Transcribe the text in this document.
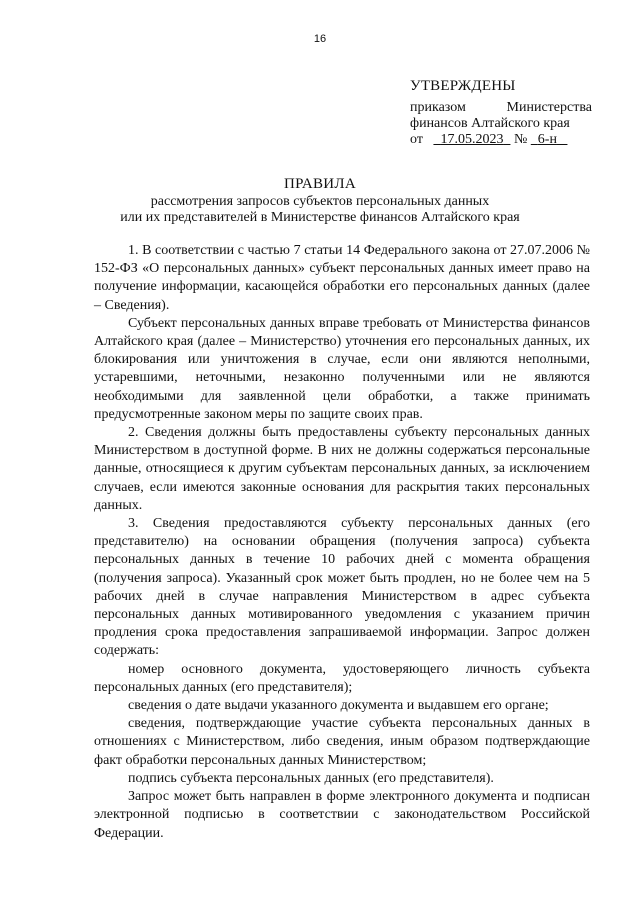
16
УТВЕРЖДЕНЫ
приказом Министерства
финансов Алтайского края
от 17.05.2023 № 6-н
ПРАВИЛА
рассмотрения запросов субъектов персональных данных
или их представителей в Министерстве финансов Алтайского края

1. В соответствии с частью 7 статьи 14 Федерального закона от 27.07.2006 № 152-ФЗ «О персональных данных» субъект персональных данных имеет право на получение информации, касающейся обработки его персональных данных (далее – Сведения).

Субъект персональных данных вправе требовать от Министерства финансов Алтайского края (далее – Министерство) уточнения его персональных данных, их блокирования или уничтожения в случае, если они являются неполными, устаревшими, неточными, незаконно полученными или не являются необходимыми для заявленной цели обработки, а также принимать предусмотренные законом меры по защите своих прав.

2. Сведения должны быть предоставлены субъекту персональных данных Министерством в доступной форме. В них не должны содержаться персональные данные, относящиеся к другим субъектам персональных данных, за исключением случаев, если имеются законные основания для раскрытия таких персональных данных.

3. Сведения предоставляются субъекту персональных данных (его представителю) на основании обращения (получения запроса) субъекта персональных данных в течение 10 рабочих дней с момента обращения (получения запроса). Указанный срок может быть продлен, но не более чем на 5 рабочих дней в случае направления Министерством в адрес субъекта персональных данных мотивированного уведомления с указанием причин продления срока предоставления запрашиваемой информации. Запрос должен содержать:

номер основного документа, удостоверяющего личность субъекта персональных данных (его представителя);

сведения о дате выдачи указанного документа и выдавшем его органе;

сведения, подтверждающие участие субъекта персональных данных в отношениях с Министерством, либо сведения, иным образом подтверждающие факт обработки персональных данных Министерством;

подпись субъекта персональных данных (его представителя).

Запрос может быть направлен в форме электронного документа и подписан электронной подписью в соответствии с законодательством Российской Федерации.
